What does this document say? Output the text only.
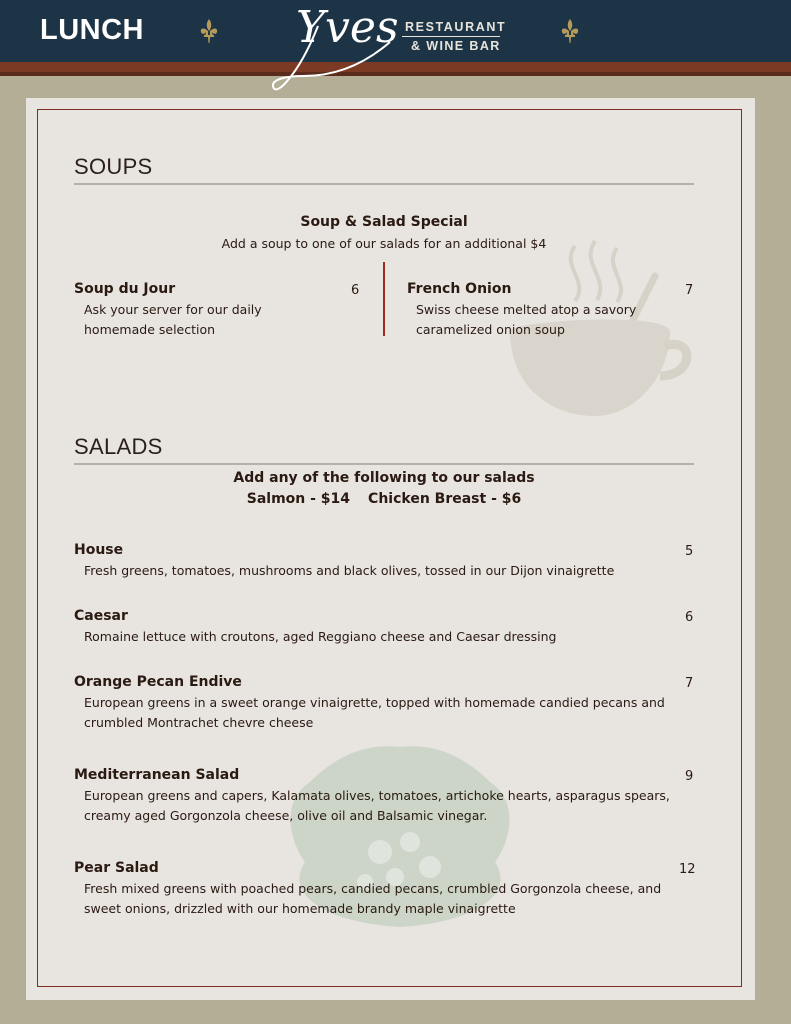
LUNCH	Yves RESTAURANT
& WINE BAR
SOUPS
Soup & Salad Special
Add a soup to one of our salads for an additional $4
Soup du Jour	6
Ask your server for our daily
homemade selection
French Onion	7
Swiss cheese melted atop a savory
caramelized onion soup
SALADS
Add any of the following to our salads
Salmon - $14 Chicken Breast - $6
House	5
Fresh greens, tomatoes, mushrooms and black olives, tossed in our Dijon vinaigrette
Caesar	6
Romaine lettuce with croutons, aged Reggiano cheese and Caesar dressing
Orange Pecan Endive	7
European greens in a sweet orange vinaigrette, topped with homemade candied pecans and
crumbled Montrachet chevre cheese
Mediterranean Salad	9
European greens and capers, Kalamata olives, tomatoes, artichoke hearts, asparagus spears,
creamy aged Gorgonzola cheese, olive oil and Balsamic vinegar.
Pear Salad	12
Fresh mixed greens with poached pears, candied pecans, crumbled Gorgonzola cheese, and
sweet onions, drizzled with our homemade brandy maple vinaigrette
